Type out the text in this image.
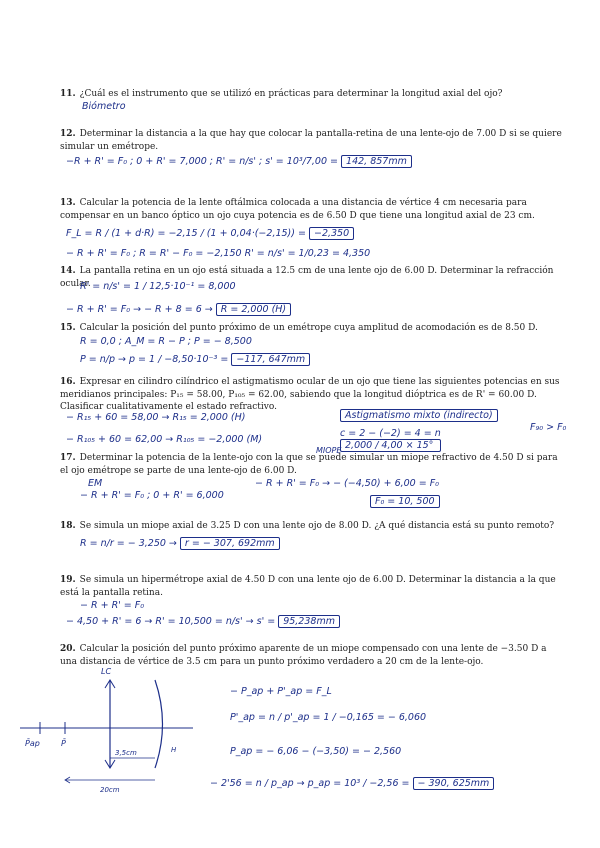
11. ¿Cuál es el instrumento que se utilizó en prácticas para determinar la longitud axial del ojo?
Biómetro
12. Determinar la distancia a la que hay que colocar la pantalla-retina de una lente-ojo de 7.00 D si se quiere simular un emétrope.
−R + R' = F₀ ; 0 + R' = 7,000 ; R' = n/s' ; s' = 10³/7,00 = 142, 857mm
13. Calcular la potencia de la lente oftálmica colocada a una distancia de vértice 4 cm necesaria para compensar en un banco óptico un ojo cuya potencia es de 6.50 D que tiene una longitud axial de 23 cm.
F_L = R / (1 + d·R) = −2,15 / (1 + 0,04·(−2,15)) = −2,350
− R + R' = F₀ ; R = R' − F₀ = −2,150 R' = n/s' = 1/0,23 = 4,350
14. La pantalla retina en un ojo está situada a 12.5 cm de una lente ojo de 6.00 D. Determinar la refracción ocular.
R' = n/s' = 1 / 12,5·10⁻¹ = 8,000
− R + R' = F₀ → − R + 8 = 6 → R = 2,000 (H)
15. Calcular la posición del punto próximo de un emétrope cuya amplitud de acomodación es de 8.50 D.
R = 0,0 ; A_M = R − P ; P = − 8,500
P = n/p → p = 1 / −8,50·10⁻³ = −117, 647mm
16. Expresar en cilindro cilíndrico el astigmatismo ocular de un ojo que tiene las siguientes potencias en sus meridianos principales: P₁₅ = 58.00, P₁₀₅ = 62.00, sabiendo que la longitud dióptrica es de R' = 60.00 D. Clasificar cualitativamente el estado refractivo.
− R₁₅ + 60 = 58,00 → R₁₅ = 2,000 (H)	Astigmatismo mixto (indirecto)
F₉₀ > F₀
− R₁₀₅ + 60 = 62,00 → R₁₀₅ = −2,000 (M)
c = 2 − (−2) = 4 = n
2,000 / 4,00 × 15°
17. Determinar la potencia de la lente-ojo con la que se puede simular un miope refractivo de 4.50 D si para el ojo emétrope se parte de una lente-ojo de 6.00 D.
EM
MIOPE
− R + R' = F₀ ; 0 + R' = 6,000
− R + R' = F₀ → − (−4,50) + 6,00 = F₀
F₀ = 10, 500
18. Se simula un miope axial de 3.25 D con una lente ojo de 8.00 D. ¿A qué distancia está su punto remoto?
R = n/r = − 3,250 → r = − 307, 692mm
19. Se simula un hipermétrope axial de 4.50 D con una lente ojo de 6.00 D. Determinar la distancia a la que está la pantalla retina.
− R + R' = F₀
− 4,50 + R' = 6 → R' = 10,500 = n/s' → s' = 95,238mm
20. Calcular la posición del punto próximo aparente de un miope compensado con una lente de −3.50 D a una distancia de vértice de 3.5 cm para un punto próximo verdadero a 20 cm de la lente-ojo.
LC
P̄ap	P̄
3,5cm	H
20cm
− P_ap + P'_ap = F_L
P'_ap = n / p'_ap = 1 / −0,165 = − 6,060
P_ap = − 6,06 − (−3,50) = − 2,560
− 2'56 = n / p_ap → p_ap = 10³ / −2,56 = − 390, 625mm
